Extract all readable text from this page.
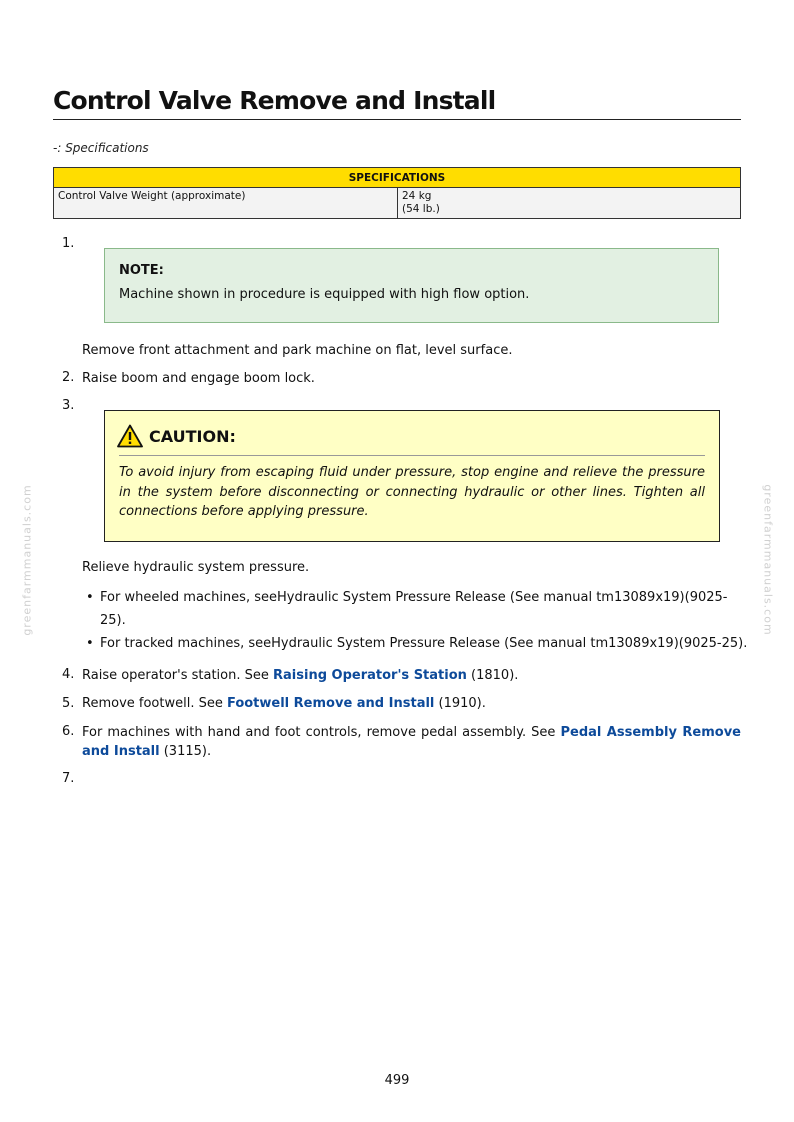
Control Valve Remove and Install
-: Specifications
SPECIFICATIONS
Control Valve Weight (approximate)	24 kg
(54 lb.)
1.
NOTE:
Machine shown in procedure is equipped with high flow option.
Remove front attachment and park machine on flat, level surface.
2. Raise boom and engage boom lock.
3.
CAUTION:
To avoid injury from escaping fluid under pressure, stop engine and relieve the pressure in the system before disconnecting or connecting hydraulic or other lines. Tighten all connections before applying pressure.
Relieve hydraulic system pressure.
• For wheeled machines, seeHydraulic System Pressure Release (See manual tm13089x19)(9025-25).
• For tracked machines, seeHydraulic System Pressure Release (See manual tm13089x19)(9025-25).
4. Raise operator's station. See Raising Operator's Station (1810).
5. Remove footwell. See Footwell Remove and Install (1910).
6. For machines with hand and foot controls, remove pedal assembly. See Pedal Assembly Remove and Install (3115).
7.
greenfarmmanuals.com	greenfarmmanuals.com
499
